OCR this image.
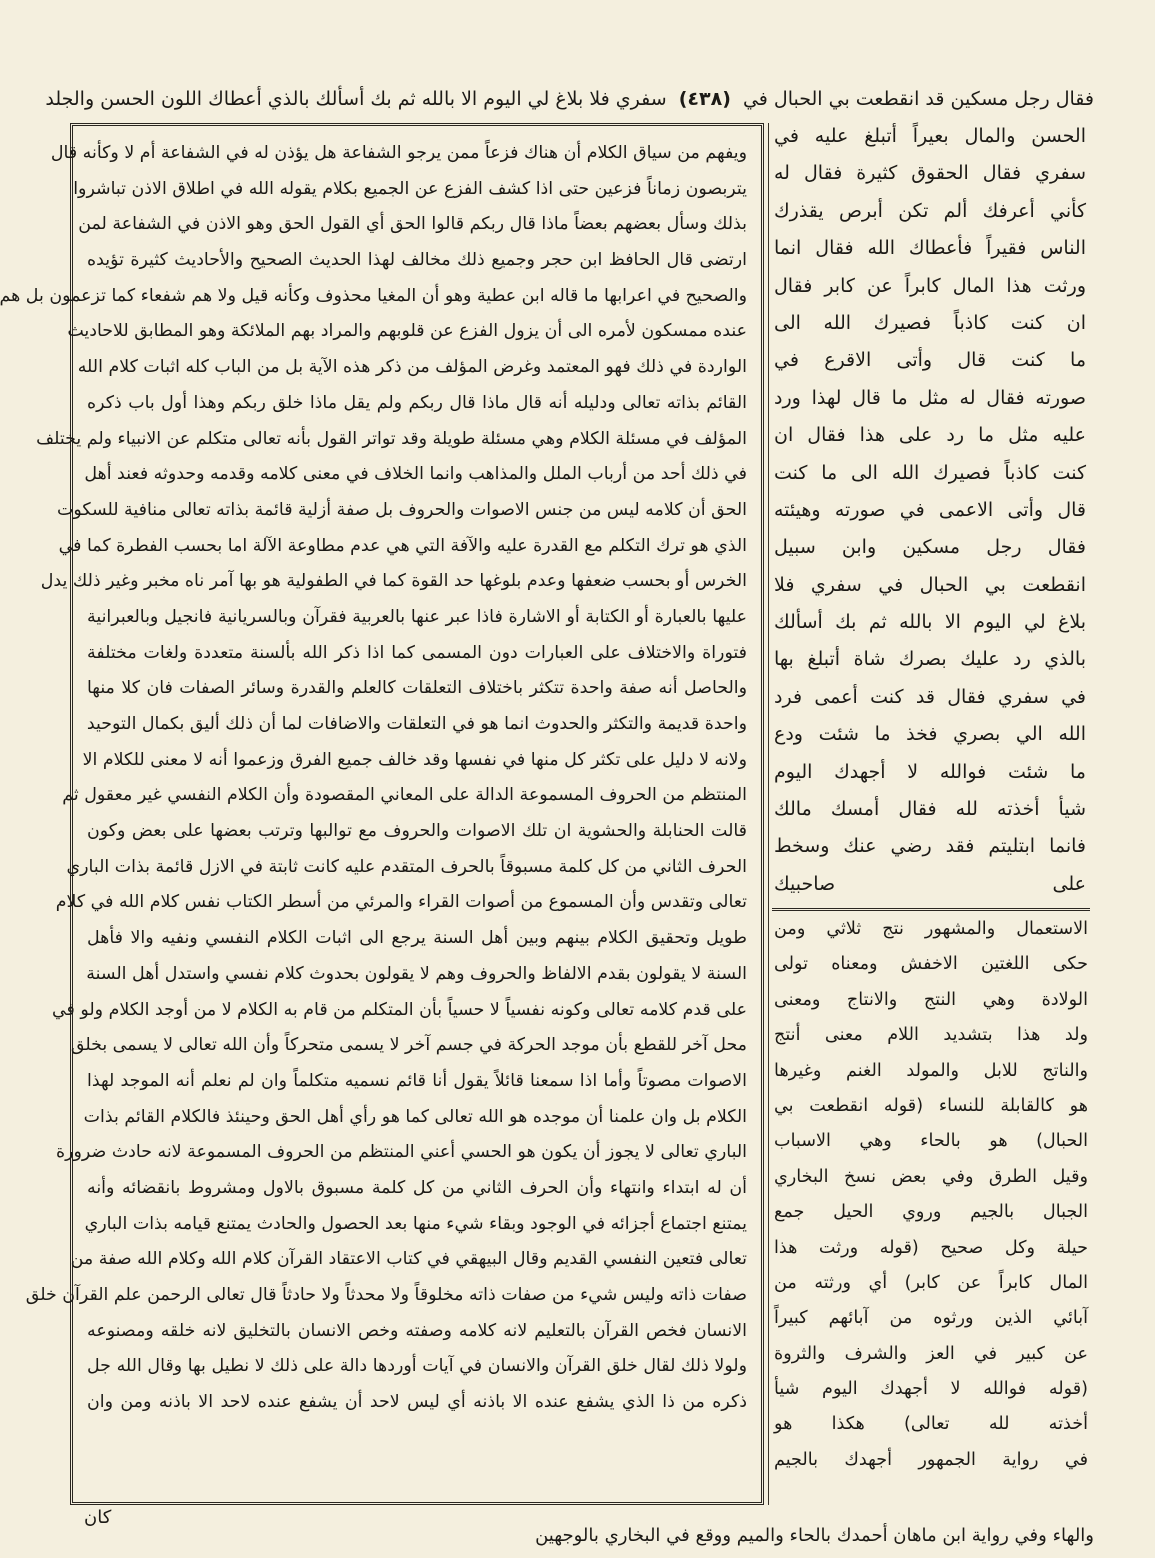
فقال رجل مسكين قد انقطعت بي الحبال في (٤٣٨) سفري فلا بلاغ لي اليوم الا بالله ثم بك أسألك بالذي أعطاك اللون الحسن والجلد
الحسن والمال بعيراً أتبلغ عليه في
سفري فقال الحقوق كثيرة فقال له
كأني أعرفك ألم تكن أبرص يقذرك
الناس فقيراً فأعطاك الله فقال انما
ورثت هذا المال كابراً عن كابر فقال
ان كنت كاذباً فصيرك الله الى
ما كنت قال وأتى الاقرع في
صورته فقال له مثل ما قال لهذا ورد
عليه مثل ما رد على هذا فقال ان
كنت كاذباً فصيرك الله الى ما كنت
قال وأتى الاعمى في صورته وهيئته
فقال رجل مسكين وابن سبيل
انقطعت بي الحبال في سفري فلا
بلاغ لي اليوم الا بالله ثم بك أسألك
بالذي رد عليك بصرك شاة أتبلغ بها
في سفري فقال قد كنت أعمى فرد
الله الي بصري فخذ ما شئت ودع
ما شئت فوالله لا أجهدك اليوم
شيأ أخذته لله فقال أمسك مالك
فانما ابتليتم فقد رضي عنك وسخط
على صاحبيك
ويفهم من سياق الكلام أن هناك فزعاً ممن يرجو الشفاعة هل يؤذن له في الشفاعة أم لا وكأنه قال
يتربصون زماناً فزعين حتى اذا كشف الفزع عن الجميع بكلام يقوله الله في اطلاق الاذن تباشروا
بذلك وسأل بعضهم بعضاً ماذا قال ربكم قالوا الحق أي القول الحق وهو الاذن في الشفاعة لمن
ارتضى قال الحافظ ابن حجر وجميع ذلك مخالف لهذا الحديث الصحيح والأحاديث كثيرة تؤيده
والصحيح في اعرابها ما قاله ابن عطية وهو أن المغيا محذوف وكأنه قيل ولا هم شفعاء كما تزعمون بل هم
عنده ممسكون لأمره الى أن يزول الفزع عن قلوبهم والمراد بهم الملائكة وهو المطابق للاحاديث
الواردة في ذلك فهو المعتمد وغرض المؤلف من ذكر هذه الآية بل من الباب كله اثبات كلام الله
القائم بذاته تعالى ودليله أنه قال ماذا قال ربكم ولم يقل ماذا خلق ربكم وهذا أول باب ذكره
المؤلف في مسئلة الكلام وهي مسئلة طويلة وقد تواتر القول بأنه تعالى متكلم عن الانبياء ولم يختلف
في ذلك أحد من أرباب الملل والمذاهب وانما الخلاف في معنى كلامه وقدمه وحدوثه فعند أهل
الحق أن كلامه ليس من جنس الاصوات والحروف بل صفة أزلية قائمة بذاته تعالى منافية للسكوت
الذي هو ترك التكلم مع القدرة عليه والآفة التي هي عدم مطاوعة الآلة اما بحسب الفطرة كما في
الخرس أو بحسب ضعفها وعدم بلوغها حد القوة كما في الطفولية هو بها آمر ناه مخبر وغير ذلك يدل
عليها بالعبارة أو الكتابة أو الاشارة فاذا عبر عنها بالعربية فقرآن وبالسريانية فانجيل وبالعبرانية
فتوراة والاختلاف على العبارات دون المسمى كما اذا ذكر الله بألسنة متعددة ولغات مختلفة
والحاصل أنه صفة واحدة تتكثر باختلاف التعلقات كالعلم والقدرة وسائر الصفات فان كلا منها
واحدة قديمة والتكثر والحدوث انما هو في التعلقات والاضافات لما أن ذلك أليق بكمال التوحيد
ولانه لا دليل على تكثر كل منها في نفسها وقد خالف جميع الفرق وزعموا أنه لا معنى للكلام الا
المنتظم من الحروف المسموعة الدالة على المعاني المقصودة وأن الكلام النفسي غير معقول ثم
قالت الحنابلة والحشوية ان تلك الاصوات والحروف مع توالبها وترتب بعضها على بعض وكون
الحرف الثاني من كل كلمة مسبوقاً بالحرف المتقدم عليه كانت ثابتة في الازل قائمة بذات الباري
تعالى وتقدس وأن المسموع من أصوات القراء والمرئي من أسطر الكتاب نفس كلام الله في كلام
طويل وتحقيق الكلام بينهم وبين أهل السنة يرجع الى اثبات الكلام النفسي ونفيه والا فأهل
السنة لا يقولون بقدم الالفاظ والحروف وهم لا يقولون بحدوث كلام نفسي واستدل أهل السنة
على قدم كلامه تعالى وكونه نفسياً لا حسياً بأن المتكلم من قام به الكلام لا من أوجد الكلام ولو في
محل آخر للقطع بأن موجد الحركة في جسم آخر لا يسمى متحركاً وأن الله تعالى لا يسمى بخلق
الاصوات مصوتاً وأما اذا سمعنا قائلاً يقول أنا قائم نسميه متكلماً وان لم نعلم أنه الموجد لهذا
الكلام بل وان علمنا أن موجده هو الله تعالى كما هو رأي أهل الحق وحينئذ فالكلام القائم بذات
الباري تعالى لا يجوز أن يكون هو الحسي أعني المنتظم من الحروف المسموعة لانه حادث ضرورة
أن له ابتداء وانتهاء وأن الحرف الثاني من كل كلمة مسبوق بالاول ومشروط بانقضائه وأنه
يمتنع اجتماع أجزائه في الوجود وبقاء شيء منها بعد الحصول والحادث يمتنع قيامه بذات الباري
تعالى فتعين النفسي القديم وقال البيهقي في كتاب الاعتقاد القرآن كلام الله وكلام الله صفة من
صفات ذاته وليس شيء من صفات ذاته مخلوقاً ولا محدثاً ولا حادثاً قال تعالى الرحمن علم القرآن خلق
الانسان فخص القرآن بالتعليم لانه كلامه وصفته وخص الانسان بالتخليق لانه خلقه ومصنوعه
ولولا ذلك لقال خلق القرآن والانسان في آيات أوردها دالة على ذلك لا نطيل بها وقال الله جل
ذكره من ذا الذي يشفع عنده الا باذنه أي ليس لاحد أن يشفع عنده لاحد الا باذنه ومن وان
الاستعمال والمشهور نتج ثلاثي ومن
حكى اللغتين الاخفش ومعناه تولى
الولادة وهي النتج والانتاج ومعنى
ولد هذا بتشديد اللام معنى أنتج
والناتج للابل والمولد الغنم وغيرها
هو كالقابلة للنساء (قوله انقطعت بي
الحبال) هو بالحاء وهي الاسباب
وقيل الطرق وفي بعض نسخ البخاري
الجبال بالجيم وروي الحيل جمع
حيلة وكل صحيح (قوله ورثت هذا
المال كابراً عن كابر) أي ورثته من
آبائي الذين ورثوه من آبائهم كبيراً
عن كبير في العز والشرف والثروة
(قوله فوالله لا أجهدك اليوم شيأ
أخذته لله تعالى) هكذا هو
في رواية الجمهور أجهدك بالجيم
كان
والهاء وفي رواية ابن ماهان أحمدك بالحاء والميم ووقع في البخاري بالوجهين
